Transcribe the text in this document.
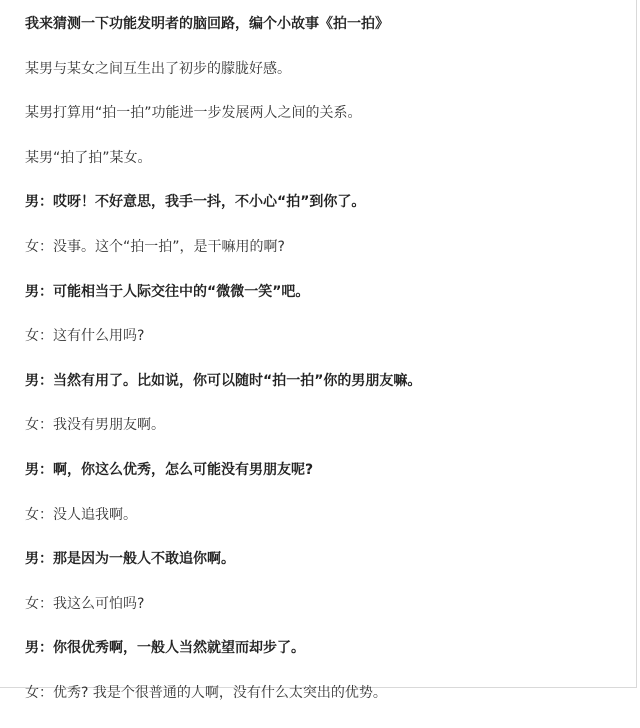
我来猜测一下功能发明者的脑回路，编个小故事《拍一拍》

某男与某女之间互生出了初步的朦胧好感。

某男打算用“拍一拍”功能进一步发展两人之间的关系。

某男“拍了拍”某女。

男：哎呀！不好意思，我手一抖，不小心“拍”到你了。

女：没事。这个“拍一拍”，是干嘛用的啊?

男：可能相当于人际交往中的“微微一笑”吧。

女：这有什么用吗?

男：当然有用了。比如说，你可以随时“拍一拍”你的男朋友嘛。

女：我没有男朋友啊。

男：啊，你这么优秀，怎么可能没有男朋友呢?

女：没人追我啊。

男：那是因为一般人不敢追你啊。

女：我这么可怕吗?

男：你很优秀啊，一般人当然就望而却步了。

女：优秀? 我是个很普通的人啊，没有什么太突出的优势。
